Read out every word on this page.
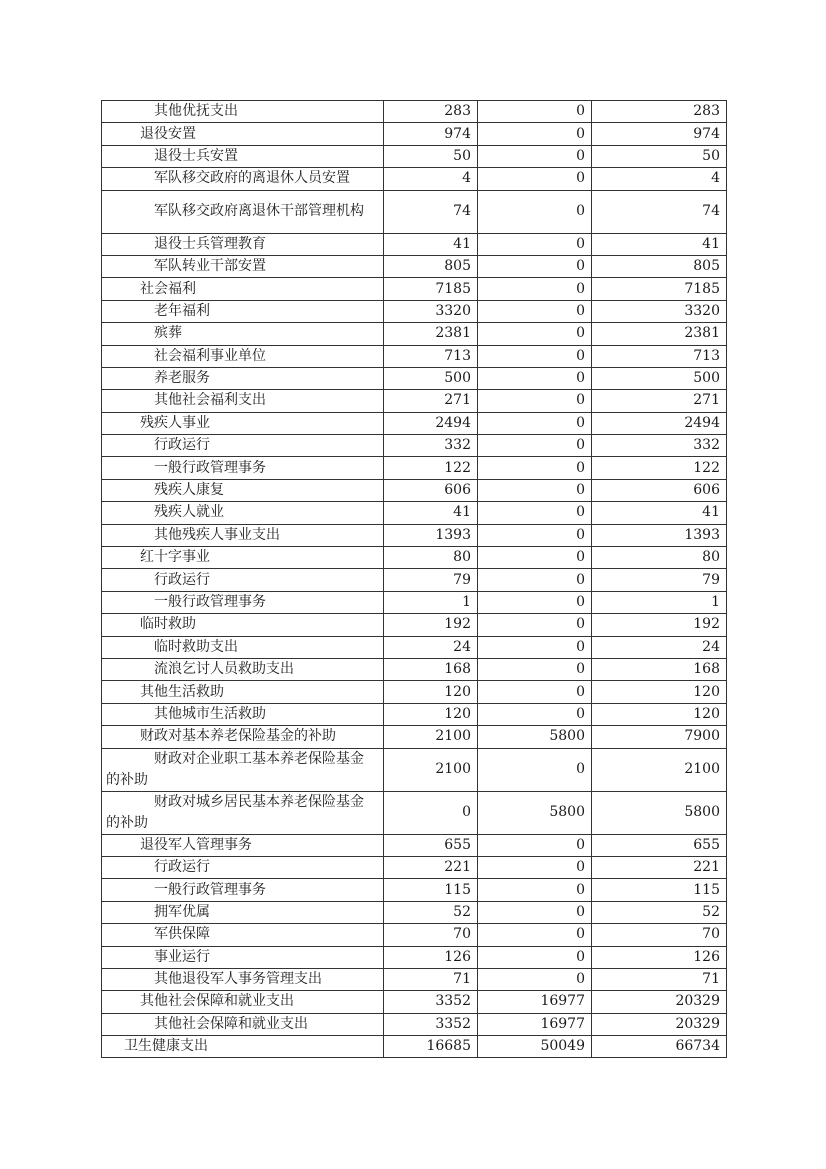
其他优抚支出	283	0	283
退役安置	974	0	974
退役士兵安置	50	0	50
军队移交政府的离退休人员安置	4	0	4
军队移交政府离退休干部管理机构	74	0	74
退役士兵管理教育	41	0	41
军队转业干部安置	805	0	805
社会福利	7185	0	7185
老年福利	3320	0	3320
殡葬	2381	0	2381
社会福利事业单位	713	0	713
养老服务	500	0	500
其他社会福利支出	271	0	271
残疾人事业	2494	0	2494
行政运行	332	0	332
一般行政管理事务	122	0	122
残疾人康复	606	0	606
残疾人就业	41	0	41
其他残疾人事业支出	1393	0	1393
红十字事业	80	0	80
行政运行	79	0	79
一般行政管理事务	1	0	1
临时救助	192	0	192
临时救助支出	24	0	24
流浪乞讨人员救助支出	168	0	168
其他生活救助	120	0	120
其他城市生活救助	120	0	120
财政对基本养老保险基金的补助	2100	5800	7900
财政对企业职工基本养老保险基金的补助	2100	0	2100
财政对城乡居民基本养老保险基金的补助	0	5800	5800
退役军人管理事务	655	0	655
行政运行	221	0	221
一般行政管理事务	115	0	115
拥军优属	52	0	52
军供保障	70	0	70
事业运行	126	0	126
其他退役军人事务管理支出	71	0	71
其他社会保障和就业支出	3352	16977	20329
其他社会保障和就业支出	3352	16977	20329
卫生健康支出	16685	50049	66734
